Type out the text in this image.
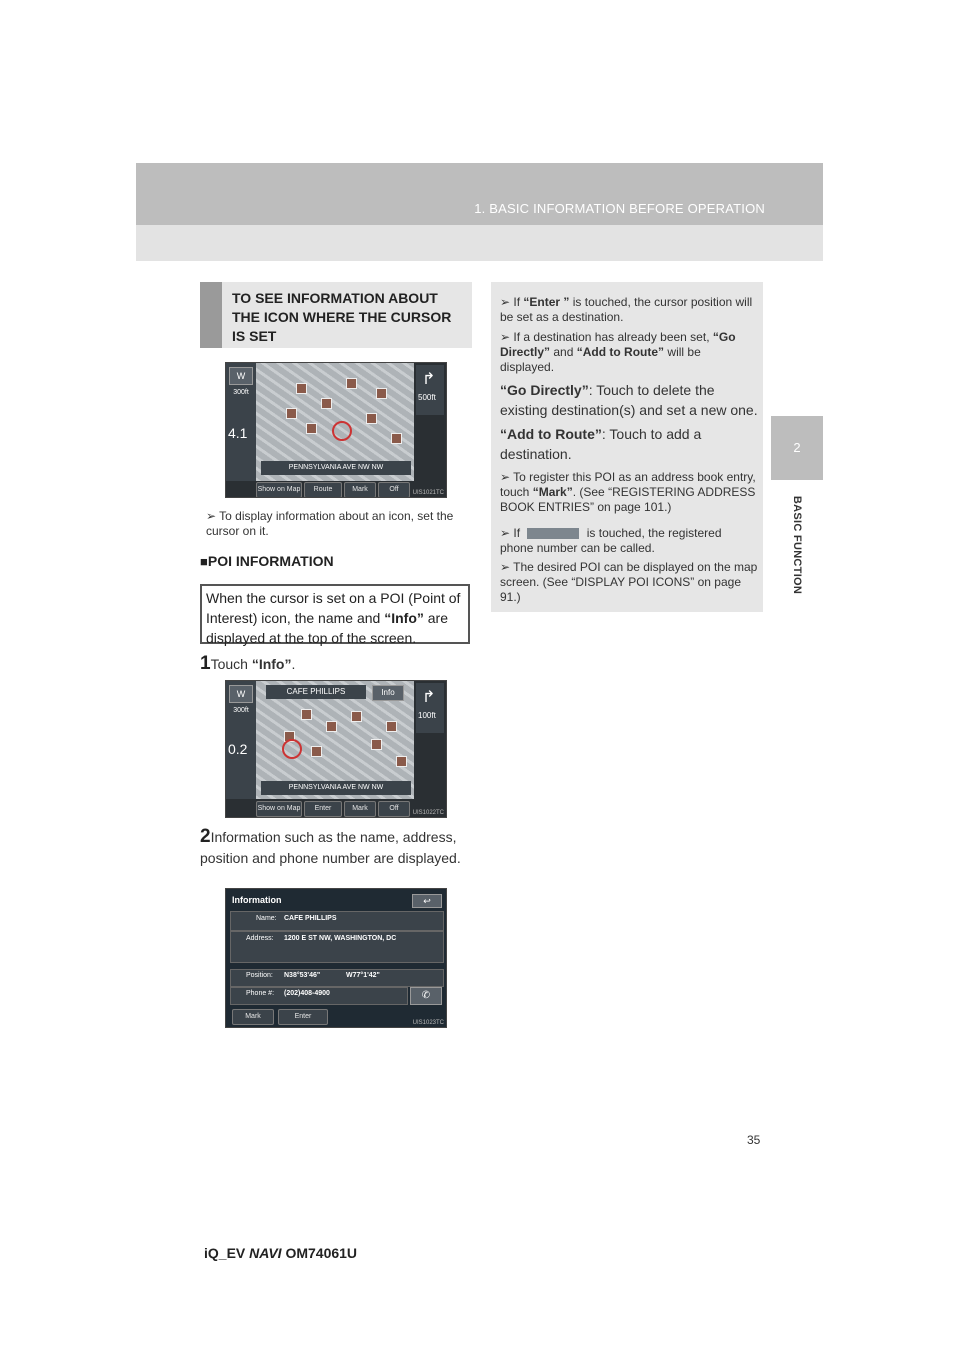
1. BASIC INFORMATION BEFORE OPERATION
2
BASIC FUNCTION
TO SEE INFORMATION ABOUT THE ICON WHERE THE CURSOR IS SET
W
300ft
4.1
↱
500ft
PENNSYLVANIA AVE NW NW
Show on Map	Route	Mark	Off	UIS1021TC
➢ To display information about an icon, set the cursor on it.
■POI INFORMATION
When the cursor is set on a POI (Point of Interest) icon, the name and “Info” are displayed at the top of the screen.
1Touch “Info”.
W
300ft
0.2
CAFE PHILLIPS	Info	↱
100ft
PENNSYLVANIA AVE NW NW
Show on Map	Enter	Mark	Off
UIS1022TC
2Information such as the name, address, position and phone number are displayed.
Information	↩
Name: CAFE PHILLIPS
Address: 1200 E ST NW, WASHINGTON, DC
Position: N38°53'46"	W77°1'42"
Phone #: (202)408-4900	✆
Mark	Enter
UIS1023TC
➢ If “Enter ” is touched, the cursor position will be set as a destination.
➢ If a destination has already been set, “Go Directly” and “Add to Route” will be displayed.
“Go Directly”: Touch to delete the existing destination(s) and set a new one.
“Add to Route”: Touch to add a destination.
➢ To register this POI as an address book entry, touch “Mark”. (See “REGISTERING ADDRESS BOOK ENTRIES” on page 101.)
➢ If	is touched, the registered phone number can be called.
➢ The desired POI can be displayed on the map screen. (See “DISPLAY POI ICONS” on page 91.)
35
iQ_EV NAVI OM74061U
